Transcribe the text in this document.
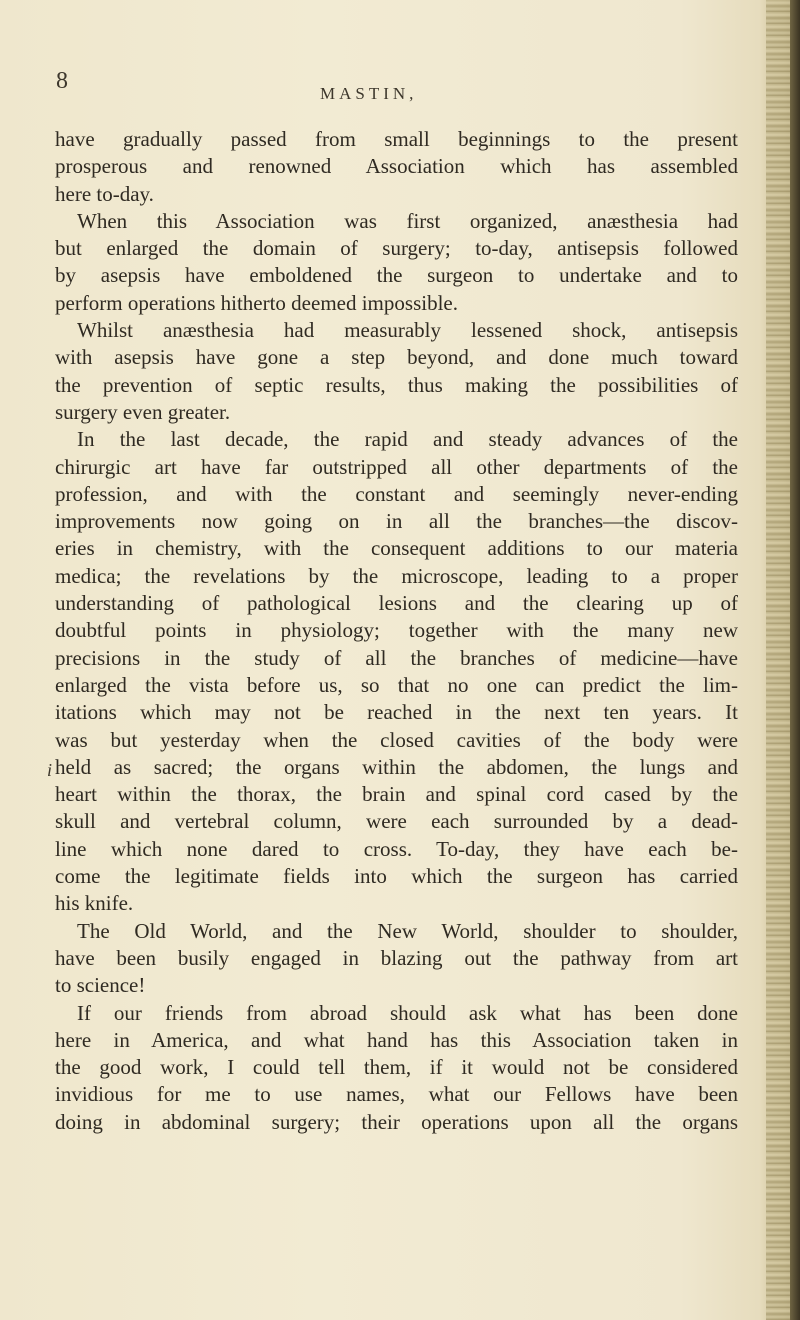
8	MASTIN,
i

have gradually passed from small beginnings to the present
prosperous and renowned Association which has assembled
here to-day.

When this Association was first organized, anæsthesia had
but enlarged the domain of surgery; to-day, antisepsis followed
by asepsis have emboldened the surgeon to undertake and to
perform operations hitherto deemed impossible.

Whilst anæsthesia had measurably lessened shock, antisepsis
with asepsis have gone a step beyond, and done much toward
the prevention of septic results, thus making the possibilities of
surgery even greater.

In the last decade, the rapid and steady advances of the
chirurgic art have far outstripped all other departments of the
profession, and with the constant and seemingly never-ending
improvements now going on in all the branches—the discov-
eries in chemistry, with the consequent additions to our materia
medica; the revelations by the microscope, leading to a proper
understanding of pathological lesions and the clearing up of
doubtful points in physiology; together with the many new
precisions in the study of all the branches of medicine—have
enlarged the vista before us, so that no one can predict the lim-
itations which may not be reached in the next ten years. It
was but yesterday when the closed cavities of the body were
held as sacred; the organs within the abdomen, the lungs and
heart within the thorax, the brain and spinal cord cased by the
skull and vertebral column, were each surrounded by a dead-
line which none dared to cross. To-day, they have each be-
come the legitimate fields into which the surgeon has carried
his knife.

The Old World, and the New World, shoulder to shoulder,
have been busily engaged in blazing out the pathway from art
to science!

If our friends from abroad should ask what has been done
here in America, and what hand has this Association taken in
the good work, I could tell them, if it would not be considered
invidious for me to use names, what our Fellows have been
doing in abdominal surgery; their operations upon all the organs
